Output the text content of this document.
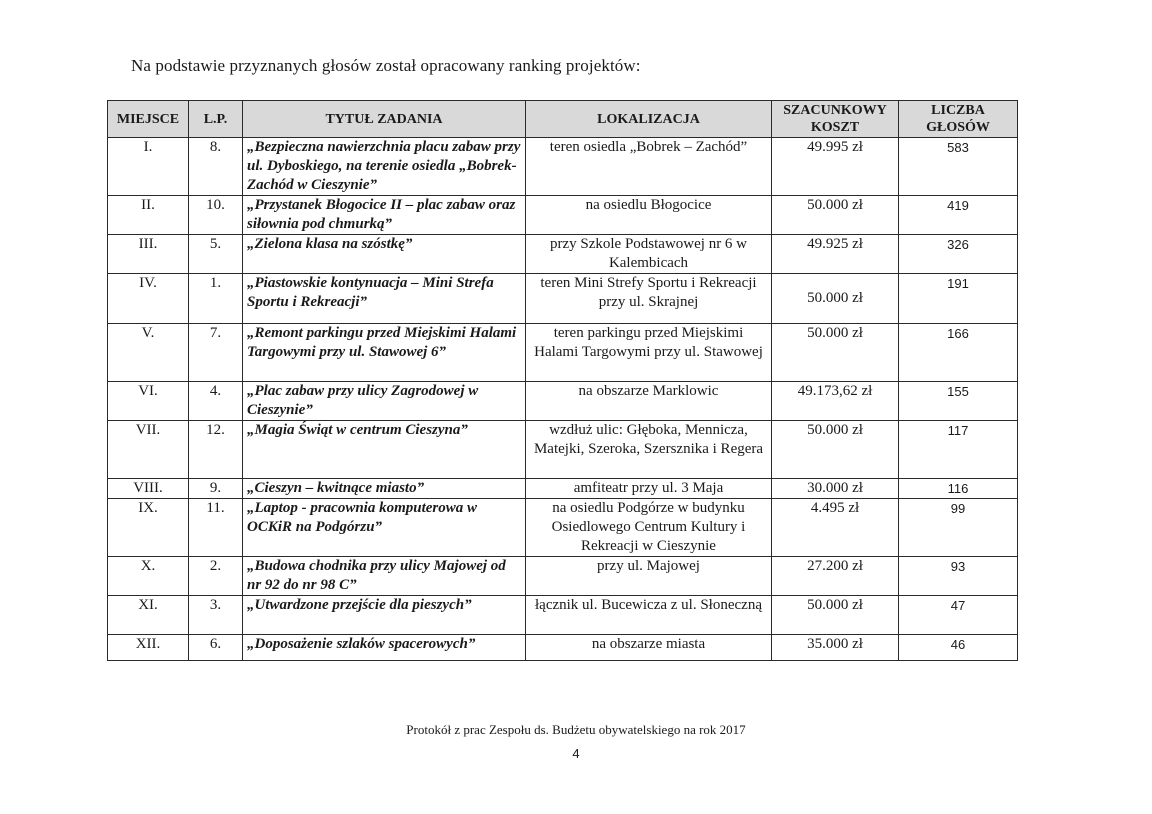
Na podstawie przyznanych głosów został opracowany ranking projektów:
MIEJSCE	L.P.	TYTUŁ ZADANIA	LOKALIZACJA	SZACUNKOWY KOSZT	LICZBA GŁOSÓW
I.	8.	„Bezpieczna nawierzchnia placu zabaw przy ul. Dyboskiego, na terenie osiedla „Bobrek-Zachód w Cieszynie”	teren osiedla „Bobrek – Zachód”	49.995 zł	583
II.	10.	„Przystanek Błogocice II – plac zabaw oraz siłownia pod chmurką”	na osiedlu Błogocice	50.000 zł	419
III.	5.	„Zielona klasa na szóstkę”	przy Szkole Podstawowej nr 6 w Kalembicach	49.925 zł	326
IV.	1.	„Piastowskie kontynuacja – Mini Strefa Sportu i Rekreacji”	teren Mini Strefy Sportu i Rekreacji przy ul. Skrajnej	50.000 zł	191
V.	7.	„Remont parkingu przed Miejskimi Halami Targowymi przy ul. Stawowej 6”	teren parkingu przed Miejskimi Halami Targowymi przy ul. Stawowej	50.000 zł	166
VI.	4.	„Plac zabaw przy ulicy Zagrodowej w Cieszynie”	na obszarze Marklowic	49.173,62 zł	155
VII.	12.	„Magia Świąt w centrum Cieszyna”	wzdłuż ulic: Głęboka, Mennicza, Matejki, Szeroka, Szersznika i Regera	50.000 zł	117
VIII.	9.	„Cieszyn – kwitnące miasto”	amfiteatr przy ul. 3 Maja	30.000 zł	116
IX.	11.	„Laptop - pracownia komputerowa w OCKiR na Podgórzu”	na osiedlu Podgórze w budynku Osiedlowego Centrum Kultury i Rekreacji w Cieszynie	4.495 zł	99
X.	2.	„Budowa chodnika przy ulicy Majowej od nr 92 do nr 98 C”	przy ul. Majowej	27.200 zł	93
XI.	3.	„Utwardzone przejście dla pieszych”	łącznik ul. Bucewicza z ul. Słoneczną	50.000 zł	47
XII.	6.	„Doposażenie szlaków spacerowych”	na obszarze miasta	35.000 zł	46
Protokół z prac Zespołu ds. Budżetu obywatelskiego na rok 2017
4
